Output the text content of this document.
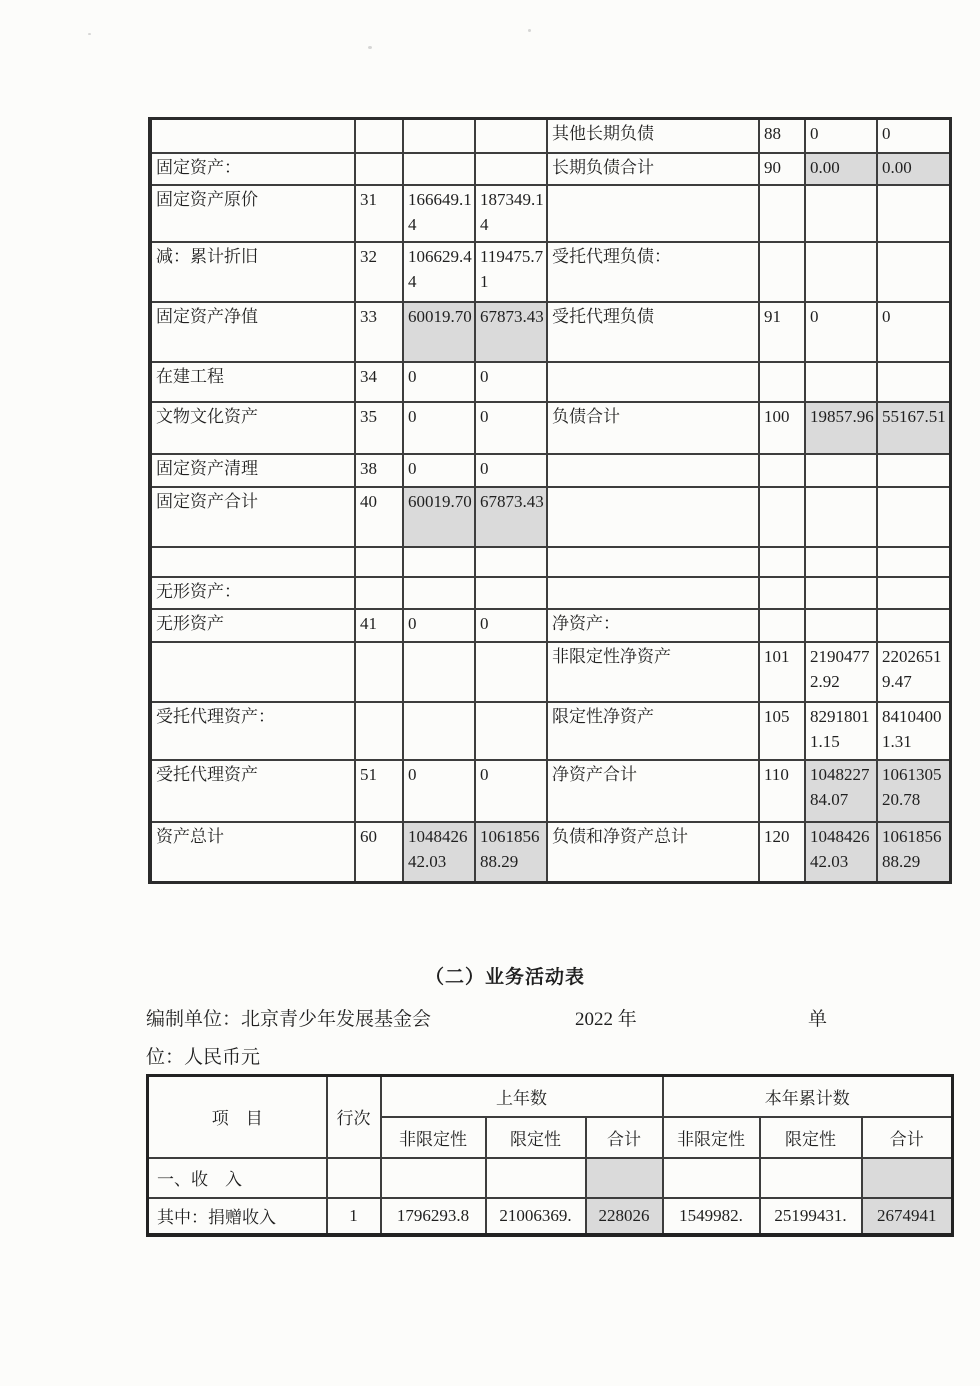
				其他长期负债	88	0	0
固定资产：				长期负债合计	90	0.00	0.00
固定资产原价	31	166649.14	187349.14				
减：累计折旧	32	106629.44	119475.71	受托代理负债：			
固定资产净值	33	60019.70	67873.43	受托代理负债	91	0	0
在建工程	34	0	0				
文物文化资产	35	0	0	负债合计	100	19857.96	55167.51
固定资产清理	38	0	0				
固定资产合计	40	60019.70	67873.43				

无形资产：							
无形资产	41	0	0	净资产：			
				非限定性净资产	101	21904772.92	22026519.47
受托代理资产：				限定性净资产	105	82918011.15	84104001.31
受托代理资产	51	0	0	净资产合计	110	104822784.07	106130520.78
资产总计	60	104842642.03	106185688.29	负债和净资产总计	120	104842642.03	106185688.29
（二）业务活动表
编制单位：北京青少年发展基金会	2022 年	单
位：人民币元
项　目	行次	上年数			本年累计数		
		非限定性	限定性	合计	非限定性	限定性	合计
一、收　入							
其中：捐赠收入	1	1796293.8	21006369.	228026	1549982.	25199431.	2674941
